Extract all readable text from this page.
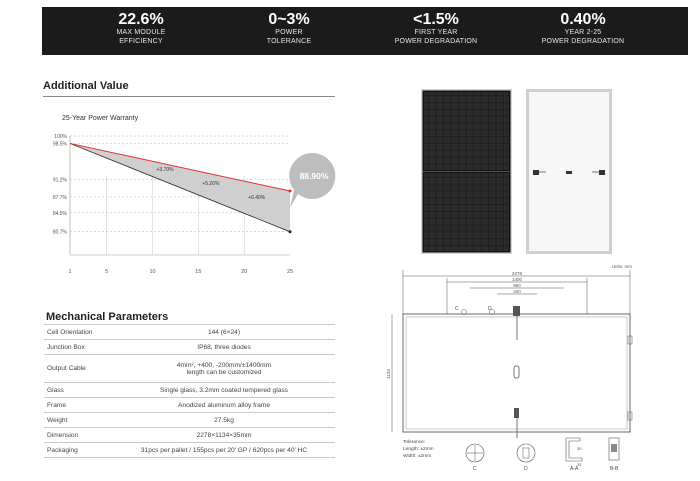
22.6%
MAX MODULE
EFFICIENCY
0~3%
POWER
TOLERANCE
<1.5%
FIRST YEAR
POWER DEGRADATION
0.40%
YEAR 2-25
POWER DEGRADATION
Additional Value
25-Year Power Warranty
100%
98.5%
91.2%
87.7%
84.5%
80.7%
1	5	10	15	20	25
+3.70%
+5.20%
+6.40%
88.90%
Mechanical Parameters
Cell Orientation	144 (6×24)
Junction Box	IP68, three diodes
Output Cable	4mm², +400, -200mm/±1400mm
length can be customized

Glass	Single glass, 3.2mm coated tempered glass
Frame	Anodized aluminum alloy frame
Weight	27.5kg
Dimension	2278×1134×35mm
Packaging	31pcs per pallet / 155pcs per 20' GP / 620pcs per 40' HC
Units: mm
2278
1400
950
400
1134
C	D
Tolerance:
Length: ±2mm
Width: ±2mm
C	D
30
35
A-A	B-B
